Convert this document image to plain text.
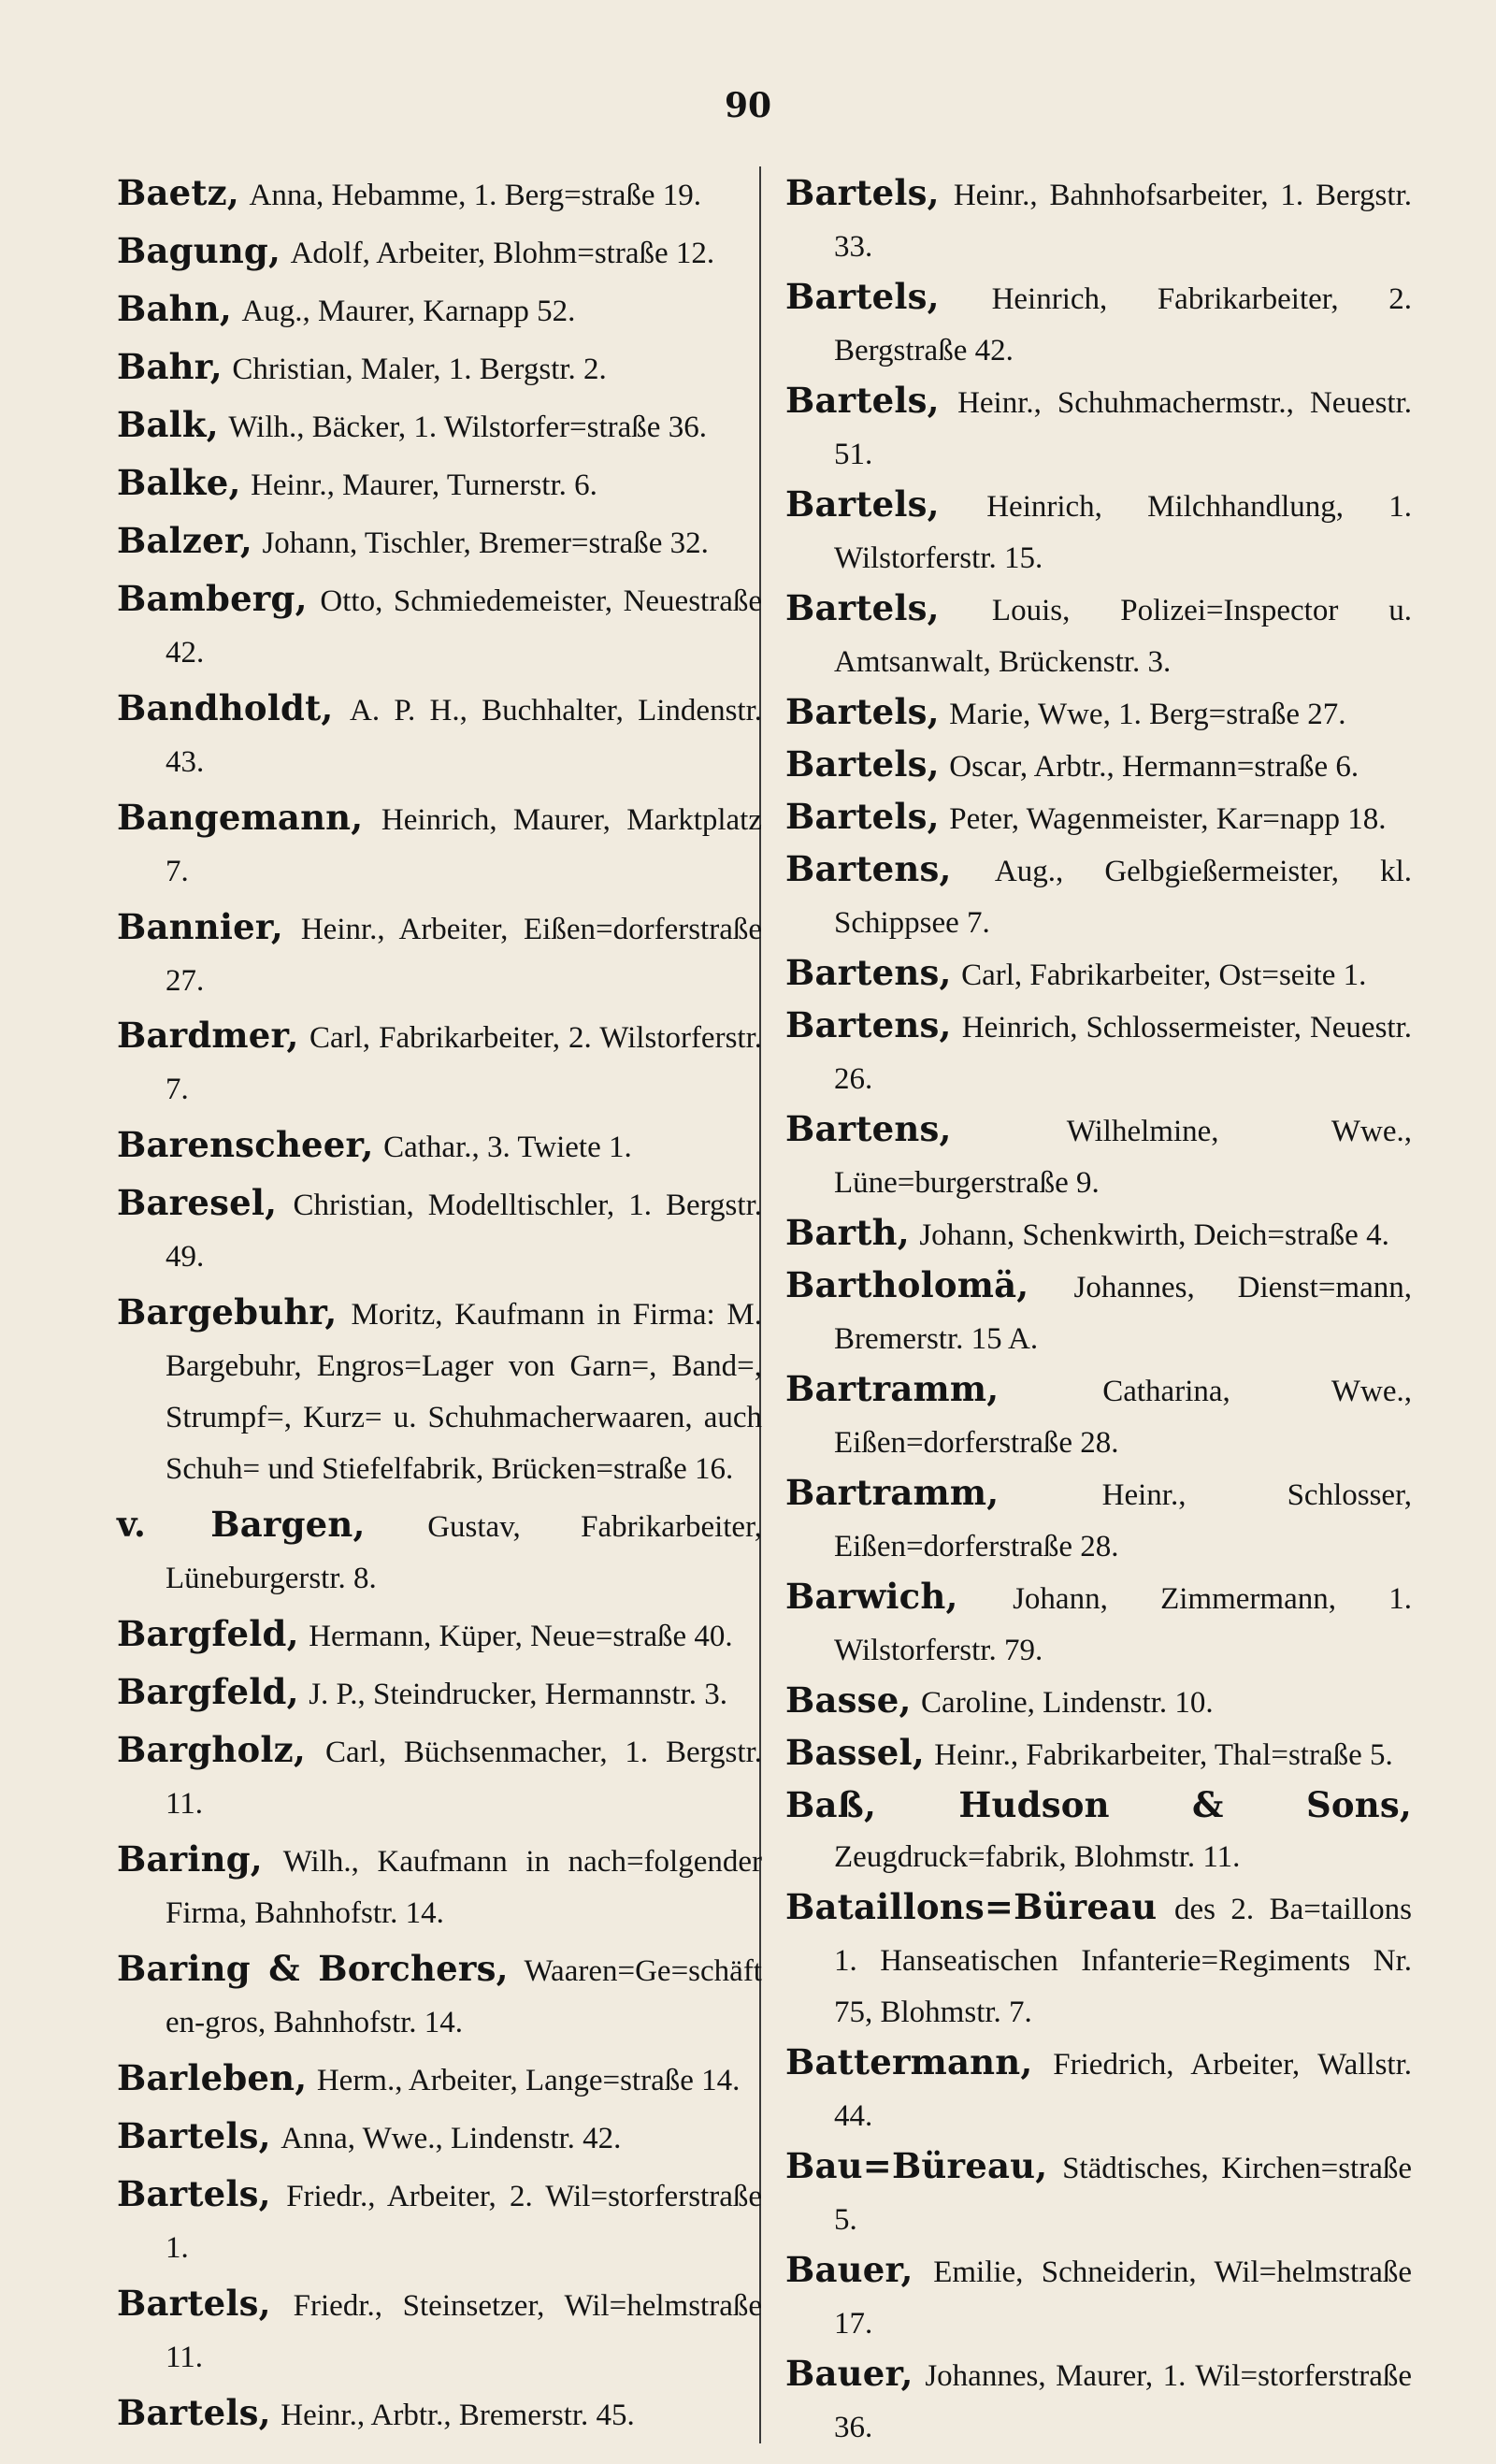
90
Baetz, Anna, Hebamme, 1. Berg=straße 19.
Bagung, Adolf, Arbeiter, Blohm=straße 12.
Bahn, Aug., Maurer, Karnapp 52.
Bahr, Christian, Maler, 1. Bergstr. 2.
Balk, Wilh., Bäcker, 1. Wilstorfer=straße 36.
Balke, Heinr., Maurer, Turnerstr. 6.
Balzer, Johann, Tischler, Bremer=straße 32.
Bamberg, Otto, Schmiedemeister, Neuestraße 42.
Bandholdt, A. P. H., Buchhalter, Lindenstr. 43.
Bangemann, Heinrich, Maurer, Marktplatz 7.
Bannier, Heinr., Arbeiter, Eißen=dorferstraße 27.
Bardmer, Carl, Fabrikarbeiter, 2. Wilstorferstr. 7.
Barenscheer, Cathar., 3. Twiete 1.
Baresel, Christian, Modelltischler, 1. Bergstr. 49.
Bargebuhr, Moritz, Kaufmann in Firma: M. Bargebuhr, Engros=Lager von Garn=, Band=, Strumpf=, Kurz= u. Schuhmacherwaaren, auch Schuh= und Stiefelfabrik, Brücken=straße 16.
v. Bargen, Gustav, Fabrikarbeiter, Lüneburgerstr. 8.
Bargfeld, Hermann, Küper, Neue=straße 40.
Bargfeld, J. P., Steindrucker, Hermannstr. 3.
Bargholz, Carl, Büchsenmacher, 1. Bergstr. 11.
Baring, Wilh., Kaufmann in nach=folgender Firma, Bahnhofstr. 14.
Baring & Borchers, Waaren=Ge=schäft en-gros, Bahnhofstr. 14.
Barleben, Herm., Arbeiter, Lange=straße 14.
Bartels, Anna, Wwe., Lindenstr. 42.
Bartels, Friedr., Arbeiter, 2. Wil=storferstraße 1.
Bartels, Friedr., Steinsetzer, Wil=helmstraße 11.
Bartels, Heinr., Arbtr., Bremerstr. 45.
Bartels, Heinr., Bahnhofsarbeiter, 1. Bergstr. 33.
Bartels, Heinrich, Fabrikarbeiter, 2. Bergstraße 42.
Bartels, Heinr., Schuhmachermstr., Neuestr. 51.
Bartels, Heinrich, Milchhandlung, 1. Wilstorferstr. 15.
Bartels, Louis, Polizei=Inspector u. Amtsanwalt, Brückenstr. 3.
Bartels, Marie, Wwe, 1. Berg=straße 27.
Bartels, Oscar, Arbtr., Hermann=straße 6.
Bartels, Peter, Wagenmeister, Kar=napp 18.
Bartens, Aug., Gelbgießermeister, kl. Schippsee 7.
Bartens, Carl, Fabrikarbeiter, Ost=seite 1.
Bartens, Heinrich, Schlossermeister, Neuestr. 26.
Bartens,	Wilhelmine, Wwe., Lüne=burgerstraße 9.
Barth, Johann, Schenkwirth, Deich=straße 4.
Bartholomä, Johannes, Dienst=mann, Bremerstr. 15 A.
Bartramm,	Catharina, Wwe., Eißen=dorferstraße 28.
Bartramm,	Heinr., Schlosser, Eißen=dorferstraße 28.
Barwich, Johann, Zimmermann, 1. Wilstorferstr. 79.
Basse, Caroline, Lindenstr. 10.
Bassel, Heinr., Fabrikarbeiter, Thal=straße 5.
Baß, Hudson & Sons, Zeugdruck=fabrik, Blohmstr. 11.
Bataillons=Büreau des 2. Ba=taillons 1. Hanseatischen Infanterie=Regiments Nr. 75, Blohmstr. 7.
Battermann, Friedrich, Arbeiter, Wallstr. 44.
Bau=Büreau, Städtisches, Kirchen=straße 5.
Bauer, Emilie, Schneiderin, Wil=helmstraße 17.
Bauer, Johannes, Maurer, 1. Wil=storferstraße 36.
